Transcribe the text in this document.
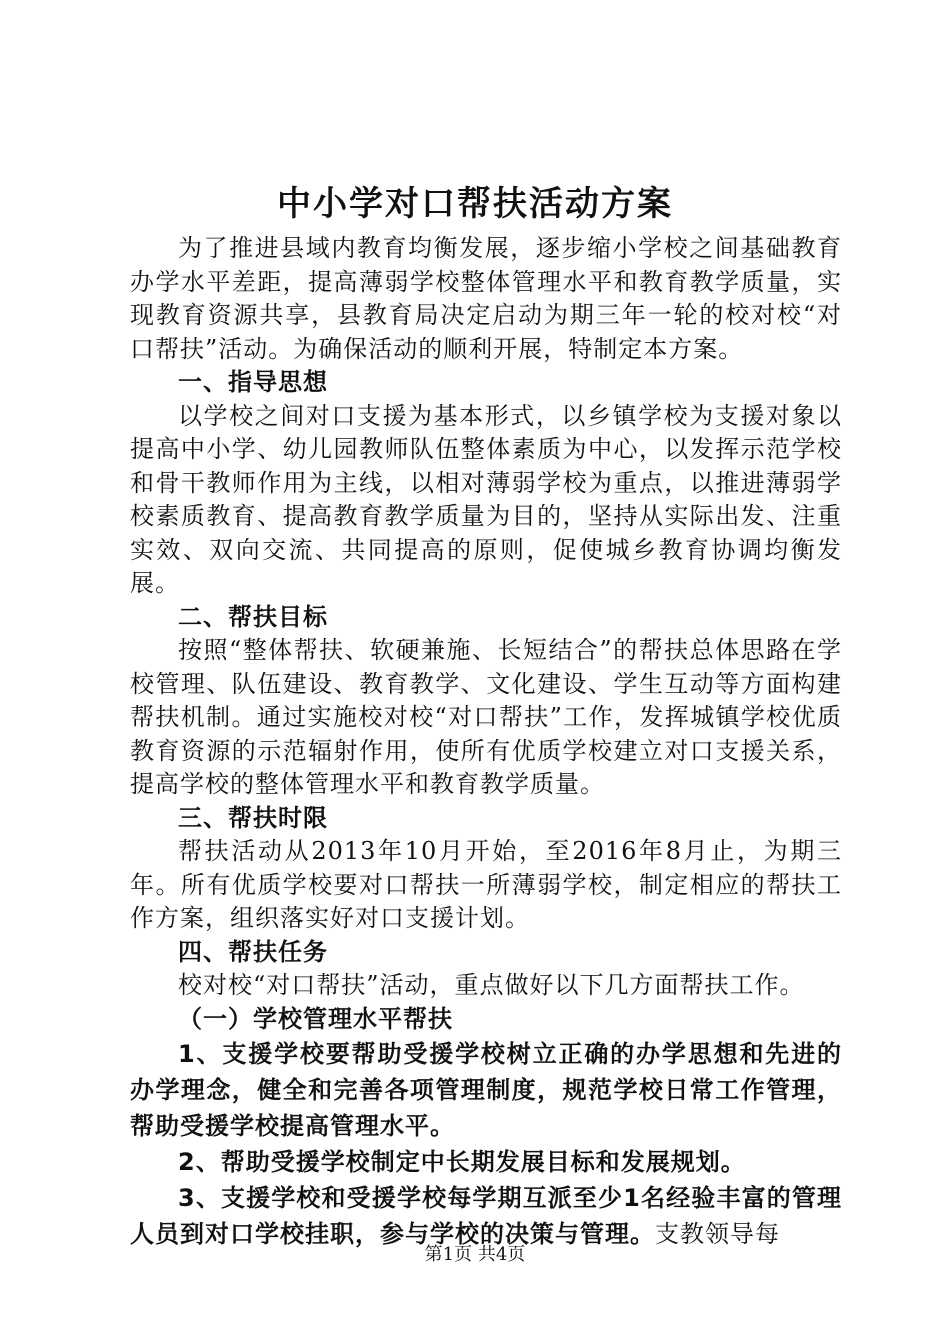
中小学对口帮扶活动方案

为了推进县域内教育均衡发展，逐步缩小学校之间基础教育办学水平差距，提高薄弱学校整体管理水平和教育教学质量，实现教育资源共享，县教育局决定启动为期三年一轮的校对校“对口帮扶”活动。为确保活动的顺利开展，特制定本方案。

一、指导思想

以学校之间对口支援为基本形式，以乡镇学校为支援对象以提高中小学、幼儿园教师队伍整体素质为中心，以发挥示范学校和骨干教师作用为主线，以相对薄弱学校为重点，以推进薄弱学校素质教育、提高教育教学质量为目的，坚持从实际出发、注重实效、双向交流、共同提高的原则，促使城乡教育协调均衡发展。

二、帮扶目标

按照“整体帮扶、软硬兼施、长短结合”的帮扶总体思路在学校管理、队伍建设、教育教学、文化建设、学生互动等方面构建帮扶机制。通过实施校对校“对口帮扶”工作，发挥城镇学校优质教育资源的示范辐射作用，使所有优质学校建立对口支援关系，提高学校的整体管理水平和教育教学质量。

三、帮扶时限

帮扶活动从2013年10月开始，至2016年8月止，为期三年。所有优质学校要对口帮扶一所薄弱学校，制定相应的帮扶工作方案，组织落实好对口支援计划。

四、帮扶任务

校对校“对口帮扶”活动，重点做好以下几方面帮扶工作。

（一）学校管理水平帮扶

1、支援学校要帮助受援学校树立正确的办学思想和先进的办学理念，健全和完善各项管理制度，规范学校日常工作管理，帮助受援学校提高管理水平。

2、帮助受援学校制定中长期发展目标和发展规划。

3、支援学校和受援学校每学期互派至少1名经验丰富的管理人员到对口学校挂职，参与学校的决策与管理。支教领导每

第1页 共4页
